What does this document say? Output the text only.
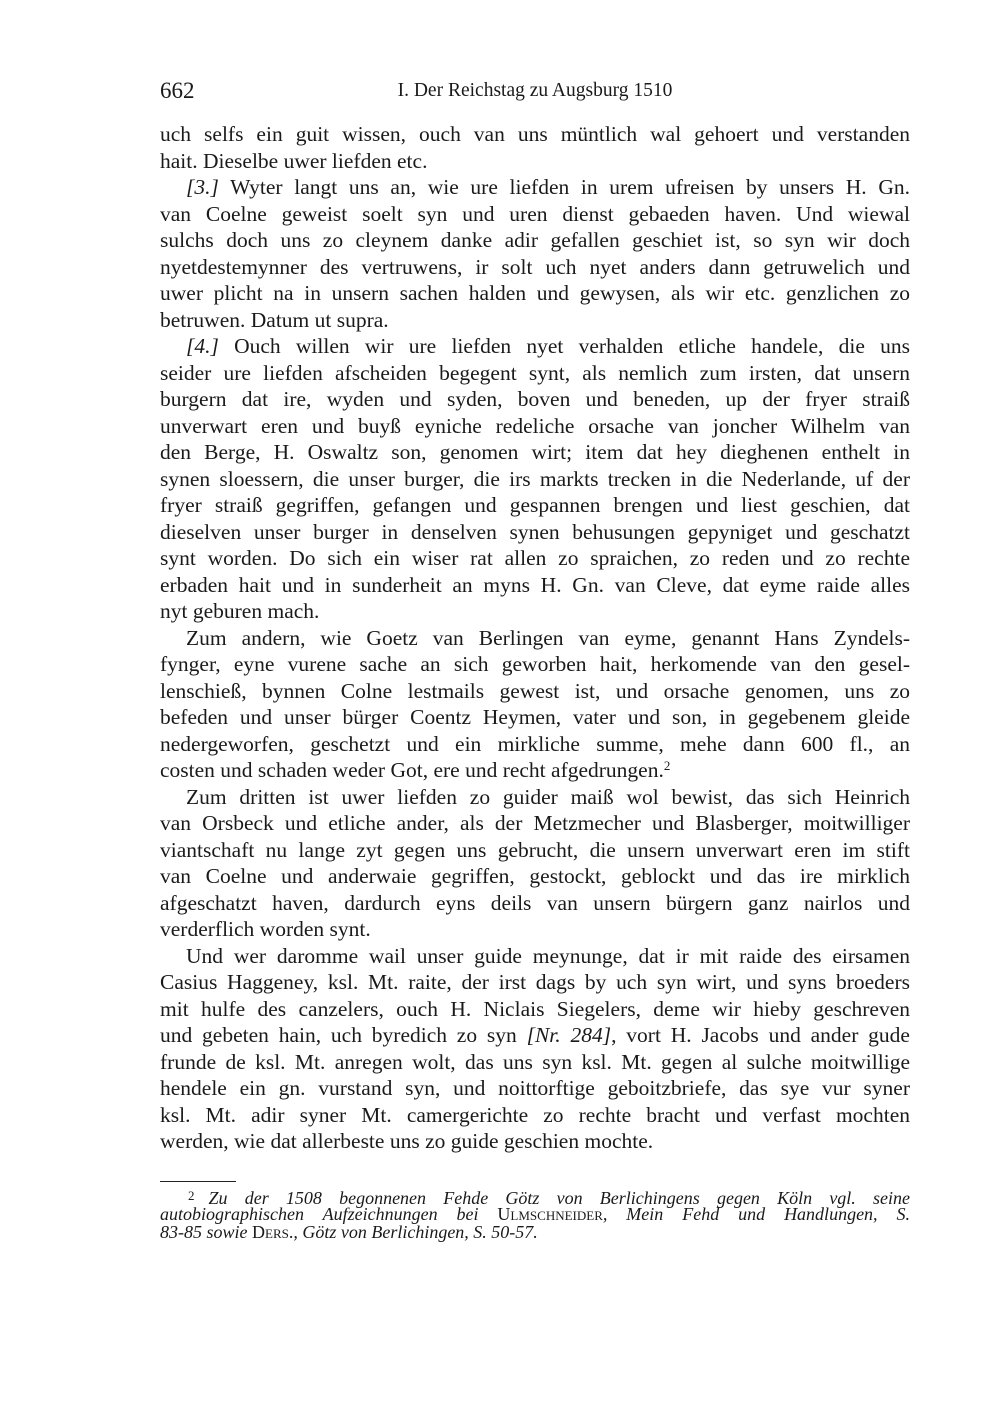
662	I. Der Reichstag zu Augsburg 1510
uch selfs ein guit wissen, ouch van uns müntlich wal gehoert und verstanden
hait. Dieselbe uwer liefden etc.
[3.] Wyter langt uns an, wie ure liefden in urem ufreisen by unsers H. Gn.
van Coelne geweist soelt syn und uren dienst gebaeden haven. Und wiewal
sulchs doch uns zo cleynem danke adir gefallen geschiet ist, so syn wir doch
nyetdestemynner des vertruwens, ir solt uch nyet anders dann getruwelich und
uwer plicht na in unsern sachen halden und gewysen, als wir etc. genzlichen zo
betruwen. Datum ut supra.
[4.] Ouch willen wir ure liefden nyet verhalden etliche handele, die uns
seider ure liefden afscheiden begegent synt, als nemlich zum irsten, dat unsern
burgern dat ire, wyden und syden, boven und beneden, up der fryer straiß
unverwart eren und buyß eyniche redeliche orsache van joncher Wilhelm van
den Berge, H. Oswaltz son, genomen wirt; item dat hey dieghenen enthelt in
synen sloessern, die unser burger, die irs markts trecken in die Nederlande, uf der
fryer straiß gegriffen, gefangen und gespannen brengen und liest geschien, dat
dieselven unser burger in denselven synen behusungen gepyniget und geschatzt
synt worden. Do sich ein wiser rat allen zo spraichen, zo reden und zo rechte
erbaden hait und in sunderheit an myns H. Gn. van Cleve, dat eyme raide alles
nyt geburen mach.
Zum andern, wie Goetz van Berlingen van eyme, genannt Hans Zyndels-
fynger, eyne vurene sache an sich geworben hait, herkomende van den gesel-
lenschieß, bynnen Colne lestmails gewest ist, und orsache genomen, uns zo
befeden und unser bürger Coentz Heymen, vater und son, in gegebenem gleide
nedergeworfen, geschetzt und ein mirkliche summe, mehe dann 600 fl., an
costen und schaden weder Got, ere und recht afgedrungen.$^2$
Zum dritten ist uwer liefden zo guider maiß wol bewist, das sich Heinrich
van Orsbeck und etliche ander, als der Metzmecher und Blasberger, moitwilliger
viantschaft nu lange zyt gegen uns gebrucht, die unsern unverwart eren im stift
van Coelne und anderwaie gegriffen, gestockt, geblockt und das ire mirklich
afgeschatzt haven, dardurch eyns deils van unsern bürgern ganz nairlos und
verderflich worden synt.
Und wer daromme wail unser guide meynunge, dat ir mit raide des eirsamen
Casius Haggeney, ksl. Mt. raite, der irst dags by uch syn wirt, und syns broeders
mit hulfe des canzelers, ouch H. Niclais Siegelers, deme wir hieby geschreven
und gebeten hain, uch byredich zo syn [Nr. 284], vort H. Jacobs und ander gude
frunde de ksl. Mt. anregen wolt, das uns syn ksl. Mt. gegen al sulche moitwillige
hendele ein gn. vurstand syn, und noittorftige geboitzbriefe, das sye vur syner
ksl. Mt. adir syner Mt. camergerichte zo rechte bracht und verfast mochten
werden, wie dat allerbeste uns zo guide geschien mochte.
$^2$ Zu der 1508 begonnenen Fehde Götz von Berlichingens gegen Köln vgl. seine
autobiographischen Aufzeichnungen bei Ulmschneider, Mein Fehd und Handlungen, S.
83-85 sowie Ders., Götz von Berlichingen, S. 50-57.
